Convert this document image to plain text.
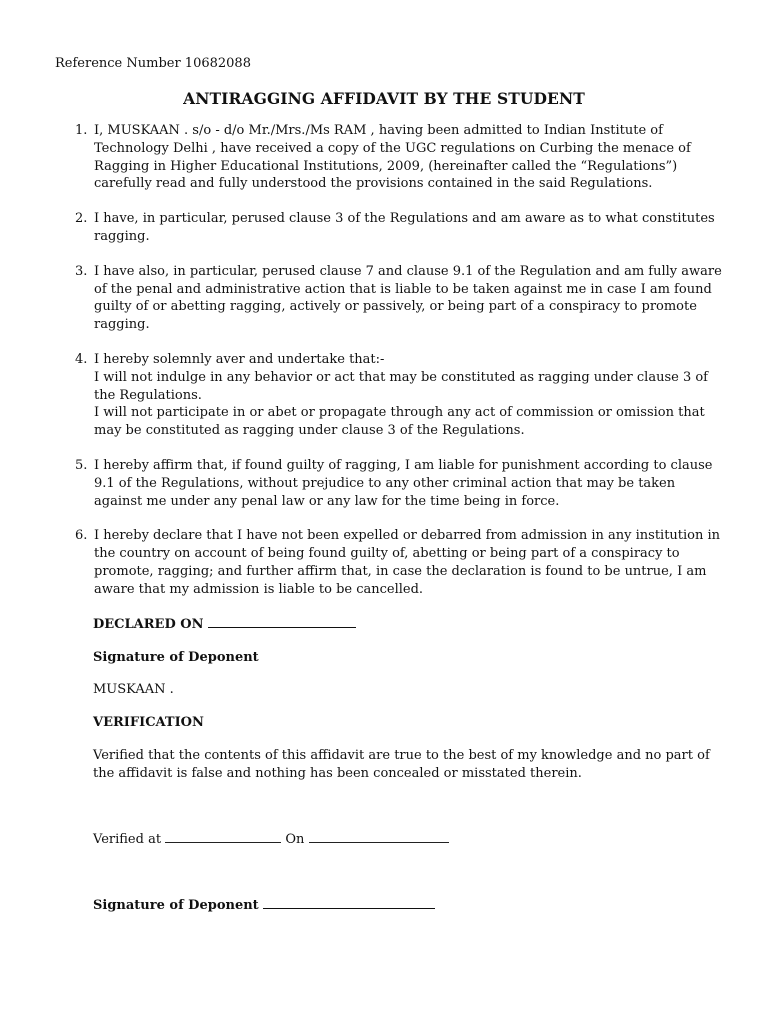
Reference Number 10682088
ANTIRAGGING AFFIDAVIT BY THE STUDENT
1. I, MUSKAAN . s/o - d/o Mr./Mrs./Ms RAM , having been admitted to Indian Institute of
Technology Delhi , have received a copy of the UGC regulations on Curbing the menace of
Ragging in Higher Educational Institutions, 2009, (hereinafter called the “Regulations”)
carefully read and fully understood the provisions contained in the said Regulations.
2. I have, in particular, perused clause 3 of the Regulations and am aware as to what constitutes
ragging.
3. I have also, in particular, perused clause 7 and clause 9.1 of the Regulation and am fully aware
of the penal and administrative action that is liable to be taken against me in case I am found
guilty of or abetting ragging, actively or passively, or being part of a conspiracy to promote
ragging.
4. I hereby solemnly aver and undertake that:-
I will not indulge in any behavior or act that may be constituted as ragging under clause 3 of
the Regulations.
I will not participate in or abet or propagate through any act of commission or omission that
may be constituted as ragging under clause 3 of the Regulations.
5. I hereby affirm that, if found guilty of ragging, I am liable for punishment according to clause
9.1 of the Regulations, without prejudice to any other criminal action that may be taken
against me under any penal law or any law for the time being in force.
6. I hereby declare that I have not been expelled or debarred from admission in any institution in
the country on account of being found guilty of, abetting or being part of a conspiracy to
promote, ragging; and further affirm that, in case the declaration is found to be untrue, I am
aware that my admission is liable to be cancelled.
DECLARED ON
Signature of Deponent
MUSKAAN .
VERIFICATION
Verified that the contents of this affidavit are true to the best of my knowledge and no part of
the affidavit is false and nothing has been concealed or misstated therein.
Verified at	On
Signature of Deponent
